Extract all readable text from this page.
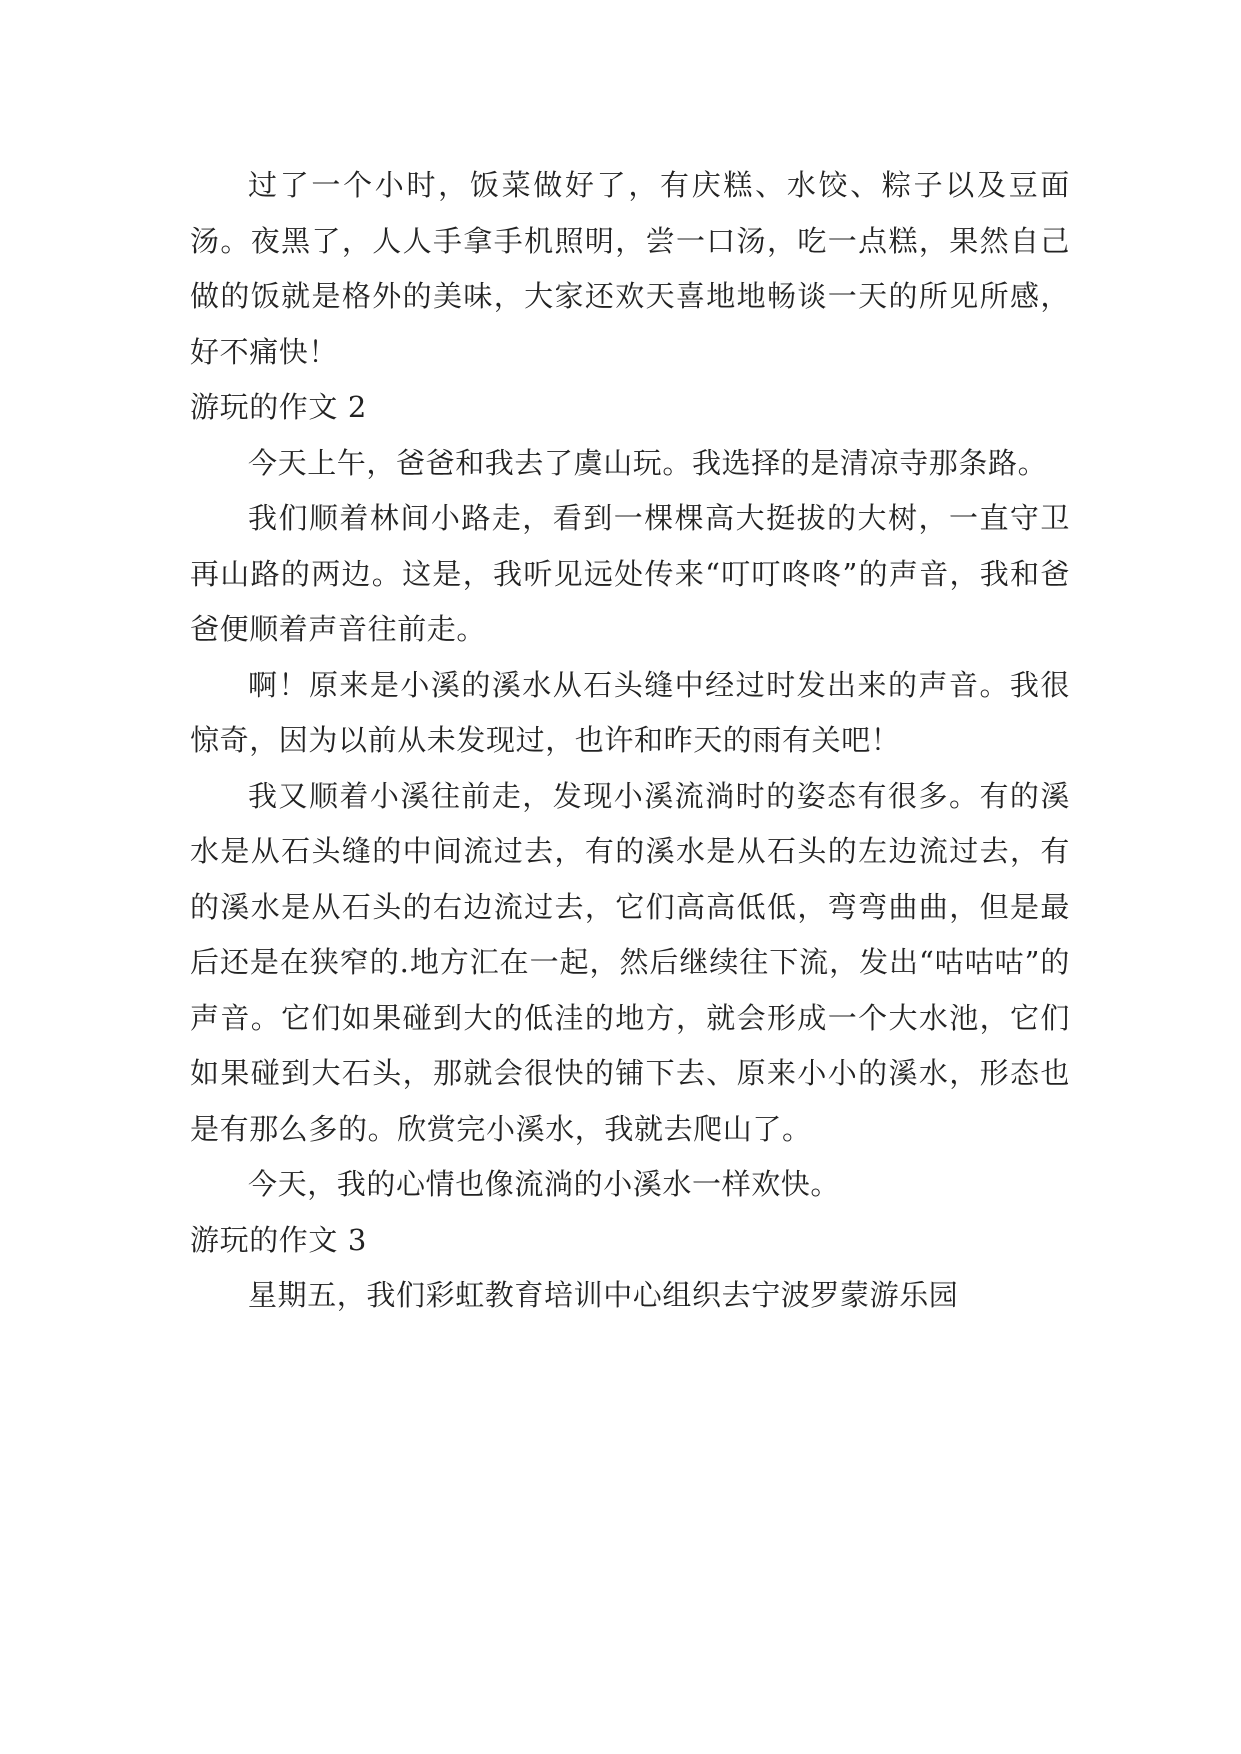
过了一个小时，饭菜做好了，有庆糕、水饺、粽子以及豆面汤。夜黑了，人人手拿手机照明，尝一口汤，吃一点糕，果然自己做的饭就是格外的美味，大家还欢天喜地地畅谈一天的所见所感，好不痛快！

游玩的作文 2

今天上午，爸爸和我去了虞山玩。我选择的是清凉寺那条路。

我们顺着林间小路走，看到一棵棵高大挺拔的大树，一直守卫再山路的两边。这是，我听见远处传来“叮叮咚咚”的声音，我和爸爸便顺着声音往前走。

啊！原来是小溪的溪水从石头缝中经过时发出来的声音。我很惊奇，因为以前从未发现过，也许和昨天的雨有关吧！

我又顺着小溪往前走，发现小溪流淌时的姿态有很多。有的溪水是从石头缝的中间流过去，有的溪水是从石头的左边流过去，有的溪水是从石头的右边流过去，它们高高低低，弯弯曲曲，但是最后还是在狭窄的.地方汇在一起，然后继续往下流，发出“咕咕咕”的声音。它们如果碰到大的低洼的地方，就会形成一个大水池，它们如果碰到大石头，那就会很快的铺下去、原来小小的溪水，形态也是有那么多的。欣赏完小溪水，我就去爬山了。

今天，我的心情也像流淌的小溪水一样欢快。

游玩的作文 3

星期五，我们彩虹教育培训中心组织去宁波罗蒙游乐园
